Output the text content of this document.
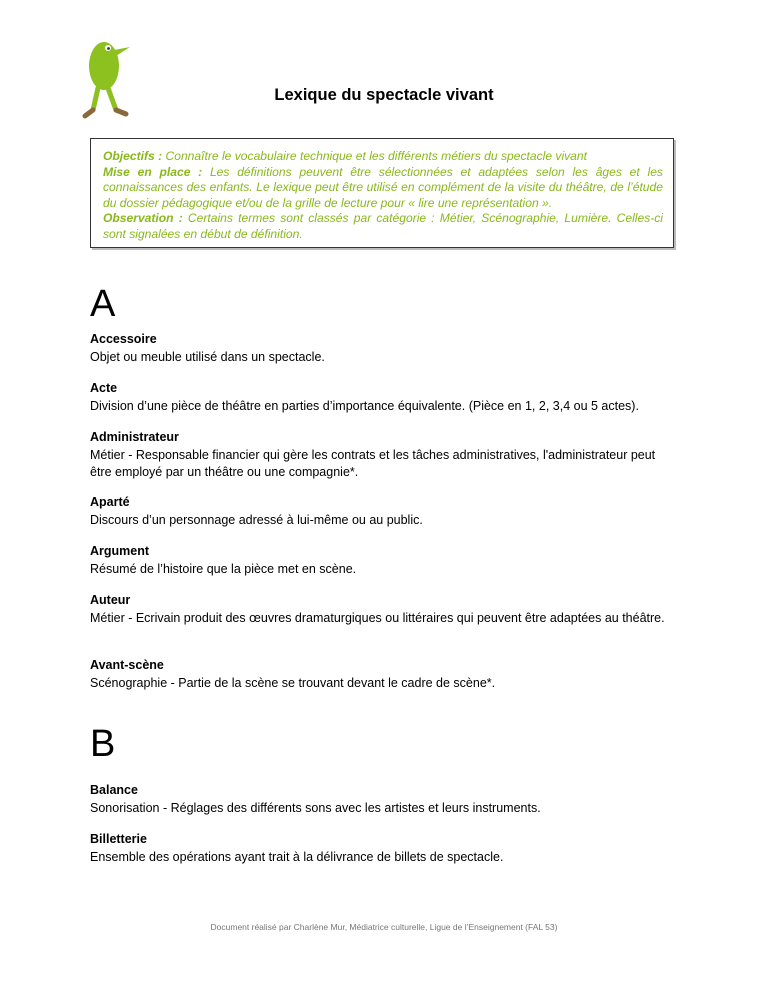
Lexique du spectacle vivant

Objectifs : Connaître le vocabulaire technique et les différents métiers du spectacle vivant

Mise en place : Les définitions peuvent être sélectionnées et adaptées selon les âges et les connaissances des enfants. Le lexique peut être utilisé en complément de la visite du théâtre, de l’étude du dossier pédagogique et/ou de la grille de lecture pour « lire une représentation ».

Observation : Certains termes sont classés par catégorie : Métier, Scénographie, Lumière. Celles-ci sont signalées en début de définition.

A
Accessoire
Objet ou meuble utilisé dans un spectacle.
Acte
Division d’une pièce de théâtre en parties d’importance équivalente. (Pièce en 1, 2, 3,4 ou 5 actes).
Administrateur
Métier - Responsable financier qui gère les contrats et les tâches administratives, l'administrateur peut être employé par un théâtre ou une compagnie*.
Aparté
Discours d’un personnage adressé à lui-même ou au public.
Argument
Résumé de l’histoire que la pièce met en scène.
Auteur
Métier - Ecrivain produit des œuvres dramaturgiques ou littéraires qui peuvent être adaptées au théâtre.
Avant-scène
Scénographie - Partie de la scène se trouvant devant le cadre de scène*.
B
Balance
Sonorisation - Réglages des différents sons avec les artistes et leurs instruments.
Billetterie
Ensemble des opérations ayant trait à la délivrance de billets de spectacle.
Document réalisé par Charlène Mur, Médiatrice culturelle, Ligue de l’Enseignement (FAL 53)
